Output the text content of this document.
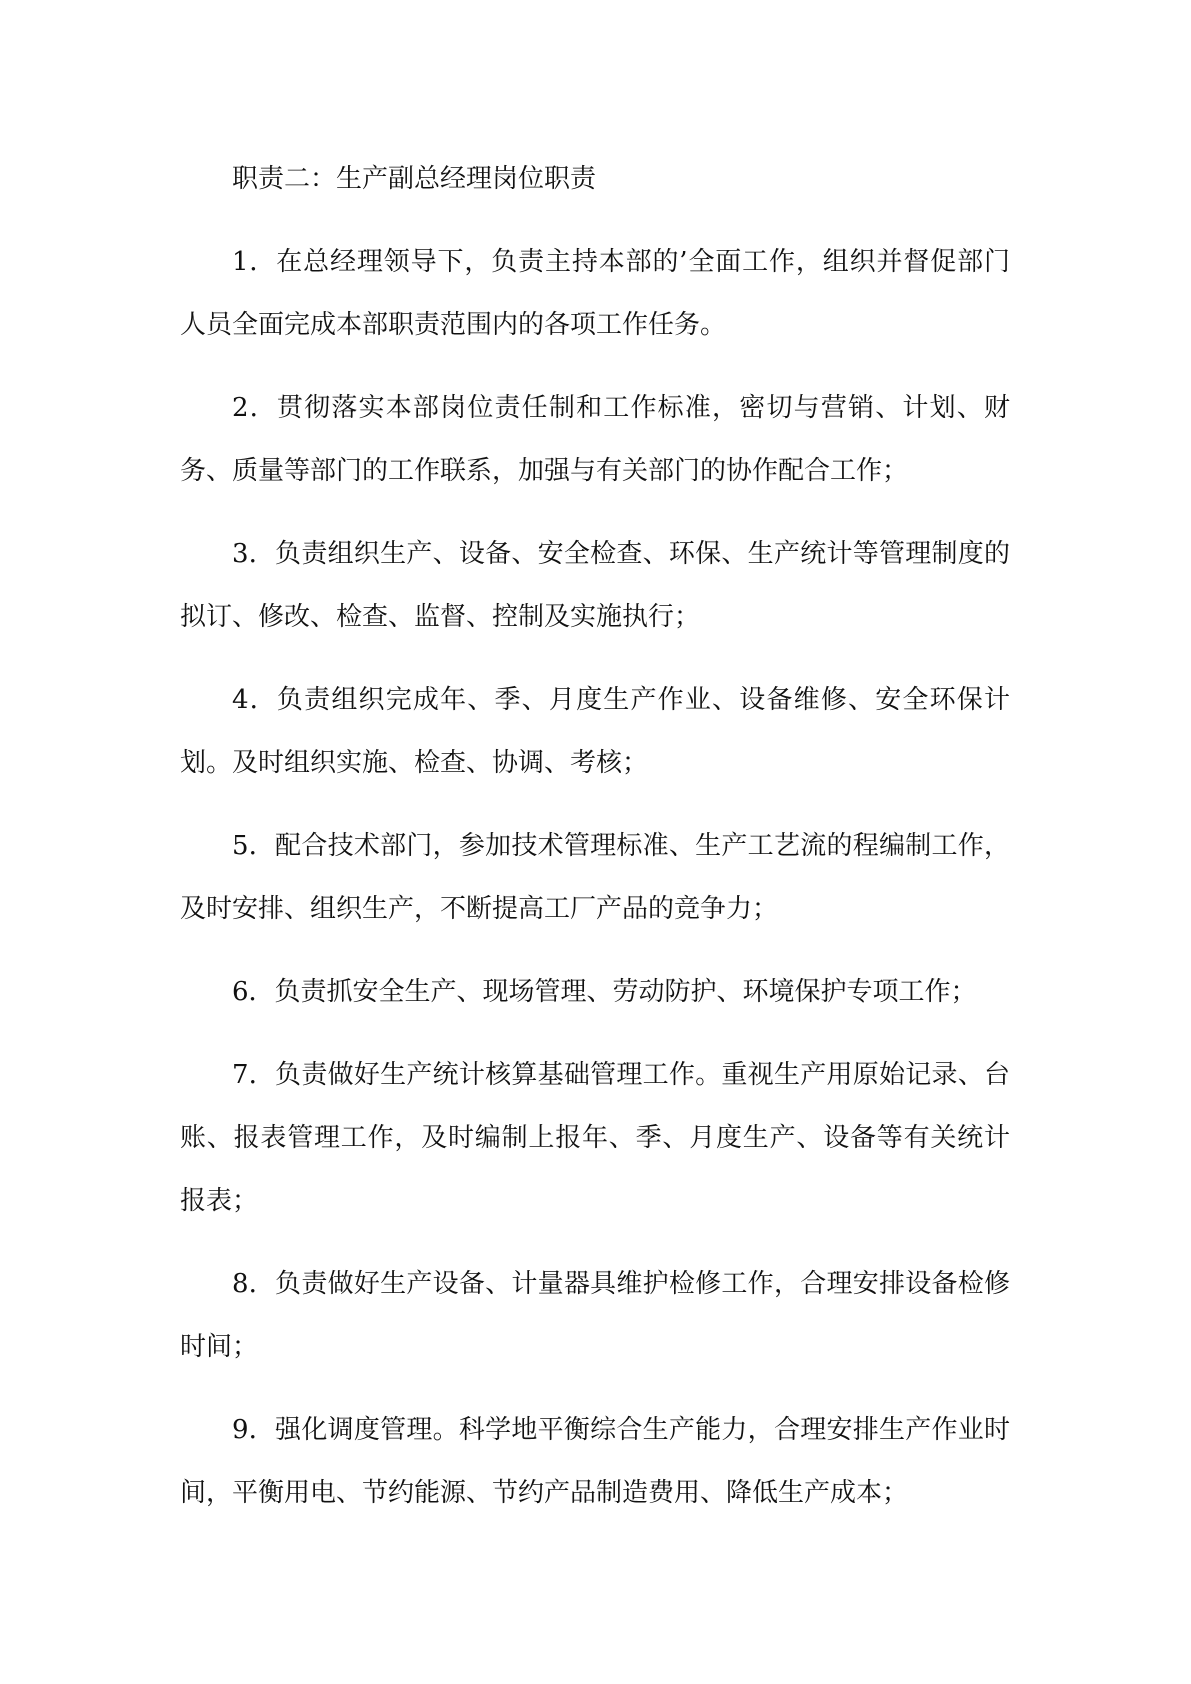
职责二：生产副总经理岗位职责

1．在总经理领导下，负责主持本部的’全面工作，组织并督促部门人员全面完成本部职责范围内的各项工作任务。

2．贯彻落实本部岗位责任制和工作标准，密切与营销、计划、财务、质量等部门的工作联系，加强与有关部门的协作配合工作；

3．负责组织生产、设备、安全检查、环保、生产统计等管理制度的拟订、修改、检查、监督、控制及实施执行；

4．负责组织完成年、季、月度生产作业、设备维修、安全环保计划。及时组织实施、检查、协调、考核；

5．配合技术部门，参加技术管理标准、生产工艺流的程编制工作，及时安排、组织生产，不断提高工厂产品的竞争力；

6．负责抓安全生产、现场管理、劳动防护、环境保护专项工作；

7．负责做好生产统计核算基础管理工作。重视生产用原始记录、台账、报表管理工作，及时编制上报年、季、月度生产、设备等有关统计报表；

8．负责做好生产设备、计量器具维护检修工作，合理安排设备检修时间；

9．强化调度管理。科学地平衡综合生产能力，合理安排生产作业时间，平衡用电、节约能源、节约产品制造费用、降低生产成本；
